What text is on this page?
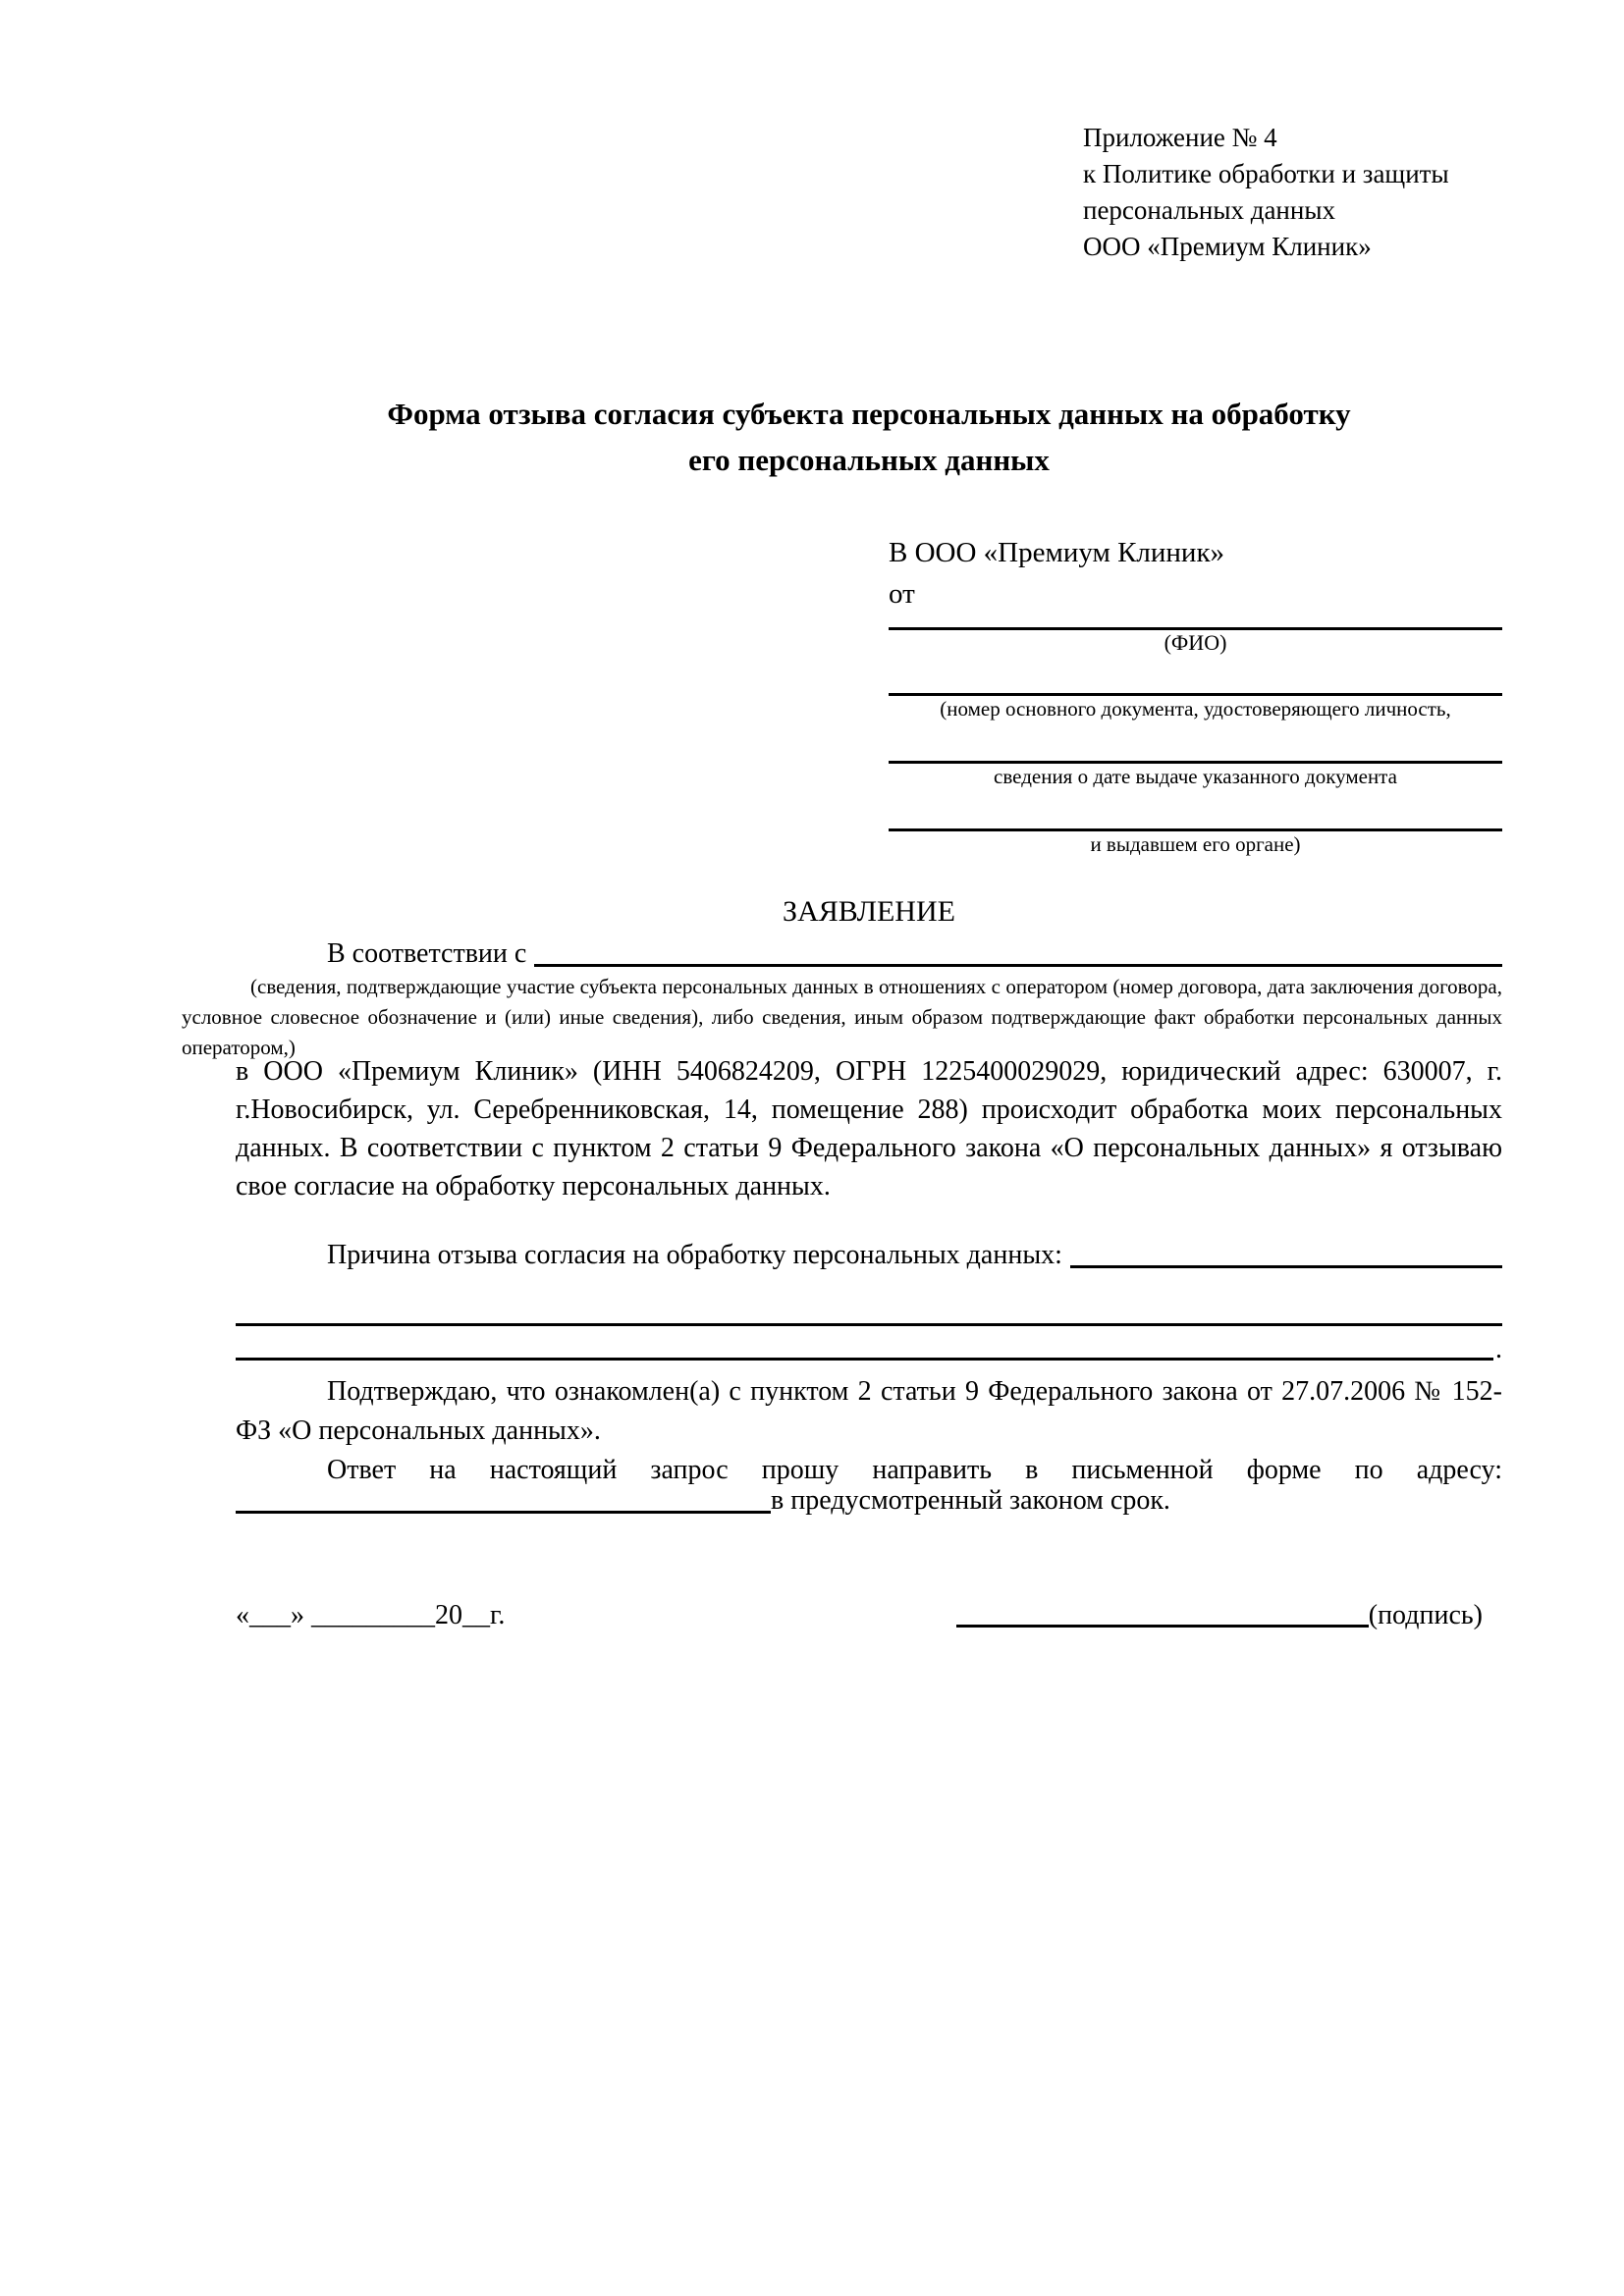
Приложение № 4
к Политике обработки и защиты
персональных данных
ООО «Премиум Клиник»
Форма отзыва согласия субъекта персональных данных на обработку
его персональных данных
В ООО «Премиум Клиник»
от
(ФИО)
(номер основного документа, удостоверяющего личность,
сведения о дате выдаче указанного документа
и выдавшем его органе)
ЗАЯВЛЕНИЕ
В соответствии с
(сведения, подтверждающие участие субъекта персональных данных в отношениях с оператором (номер договора, дата заключения договора, условное словесное обозначение и (или) иные сведения), либо сведения, иным образом подтверждающие факт обработки персональных данных оператором,)
в ООО «Премиум Клиник» (ИНН 5406824209, ОГРН 1225400029029, юридический адрес: 630007, г. г.Новосибирск, ул. Серебренниковская, 14, помещение 288) происходит обработка моих персональных данных. В соответствии с пунктом 2 статьи 9 Федерального закона «О персональных данных» я отзываю свое согласие на обработку персональных данных.
Причина отзыва согласия на обработку персональных данных:
.
Подтверждаю, что ознакомлен(а) с пунктом 2 статьи 9 Федерального закона от 27.07.2006 № 152-ФЗ «О персональных данных».
Ответ на настоящий запрос прошу направить в письменной форме по адресу:
в предусмотренный законом срок.
«___» _________20__г.	(подпись)
